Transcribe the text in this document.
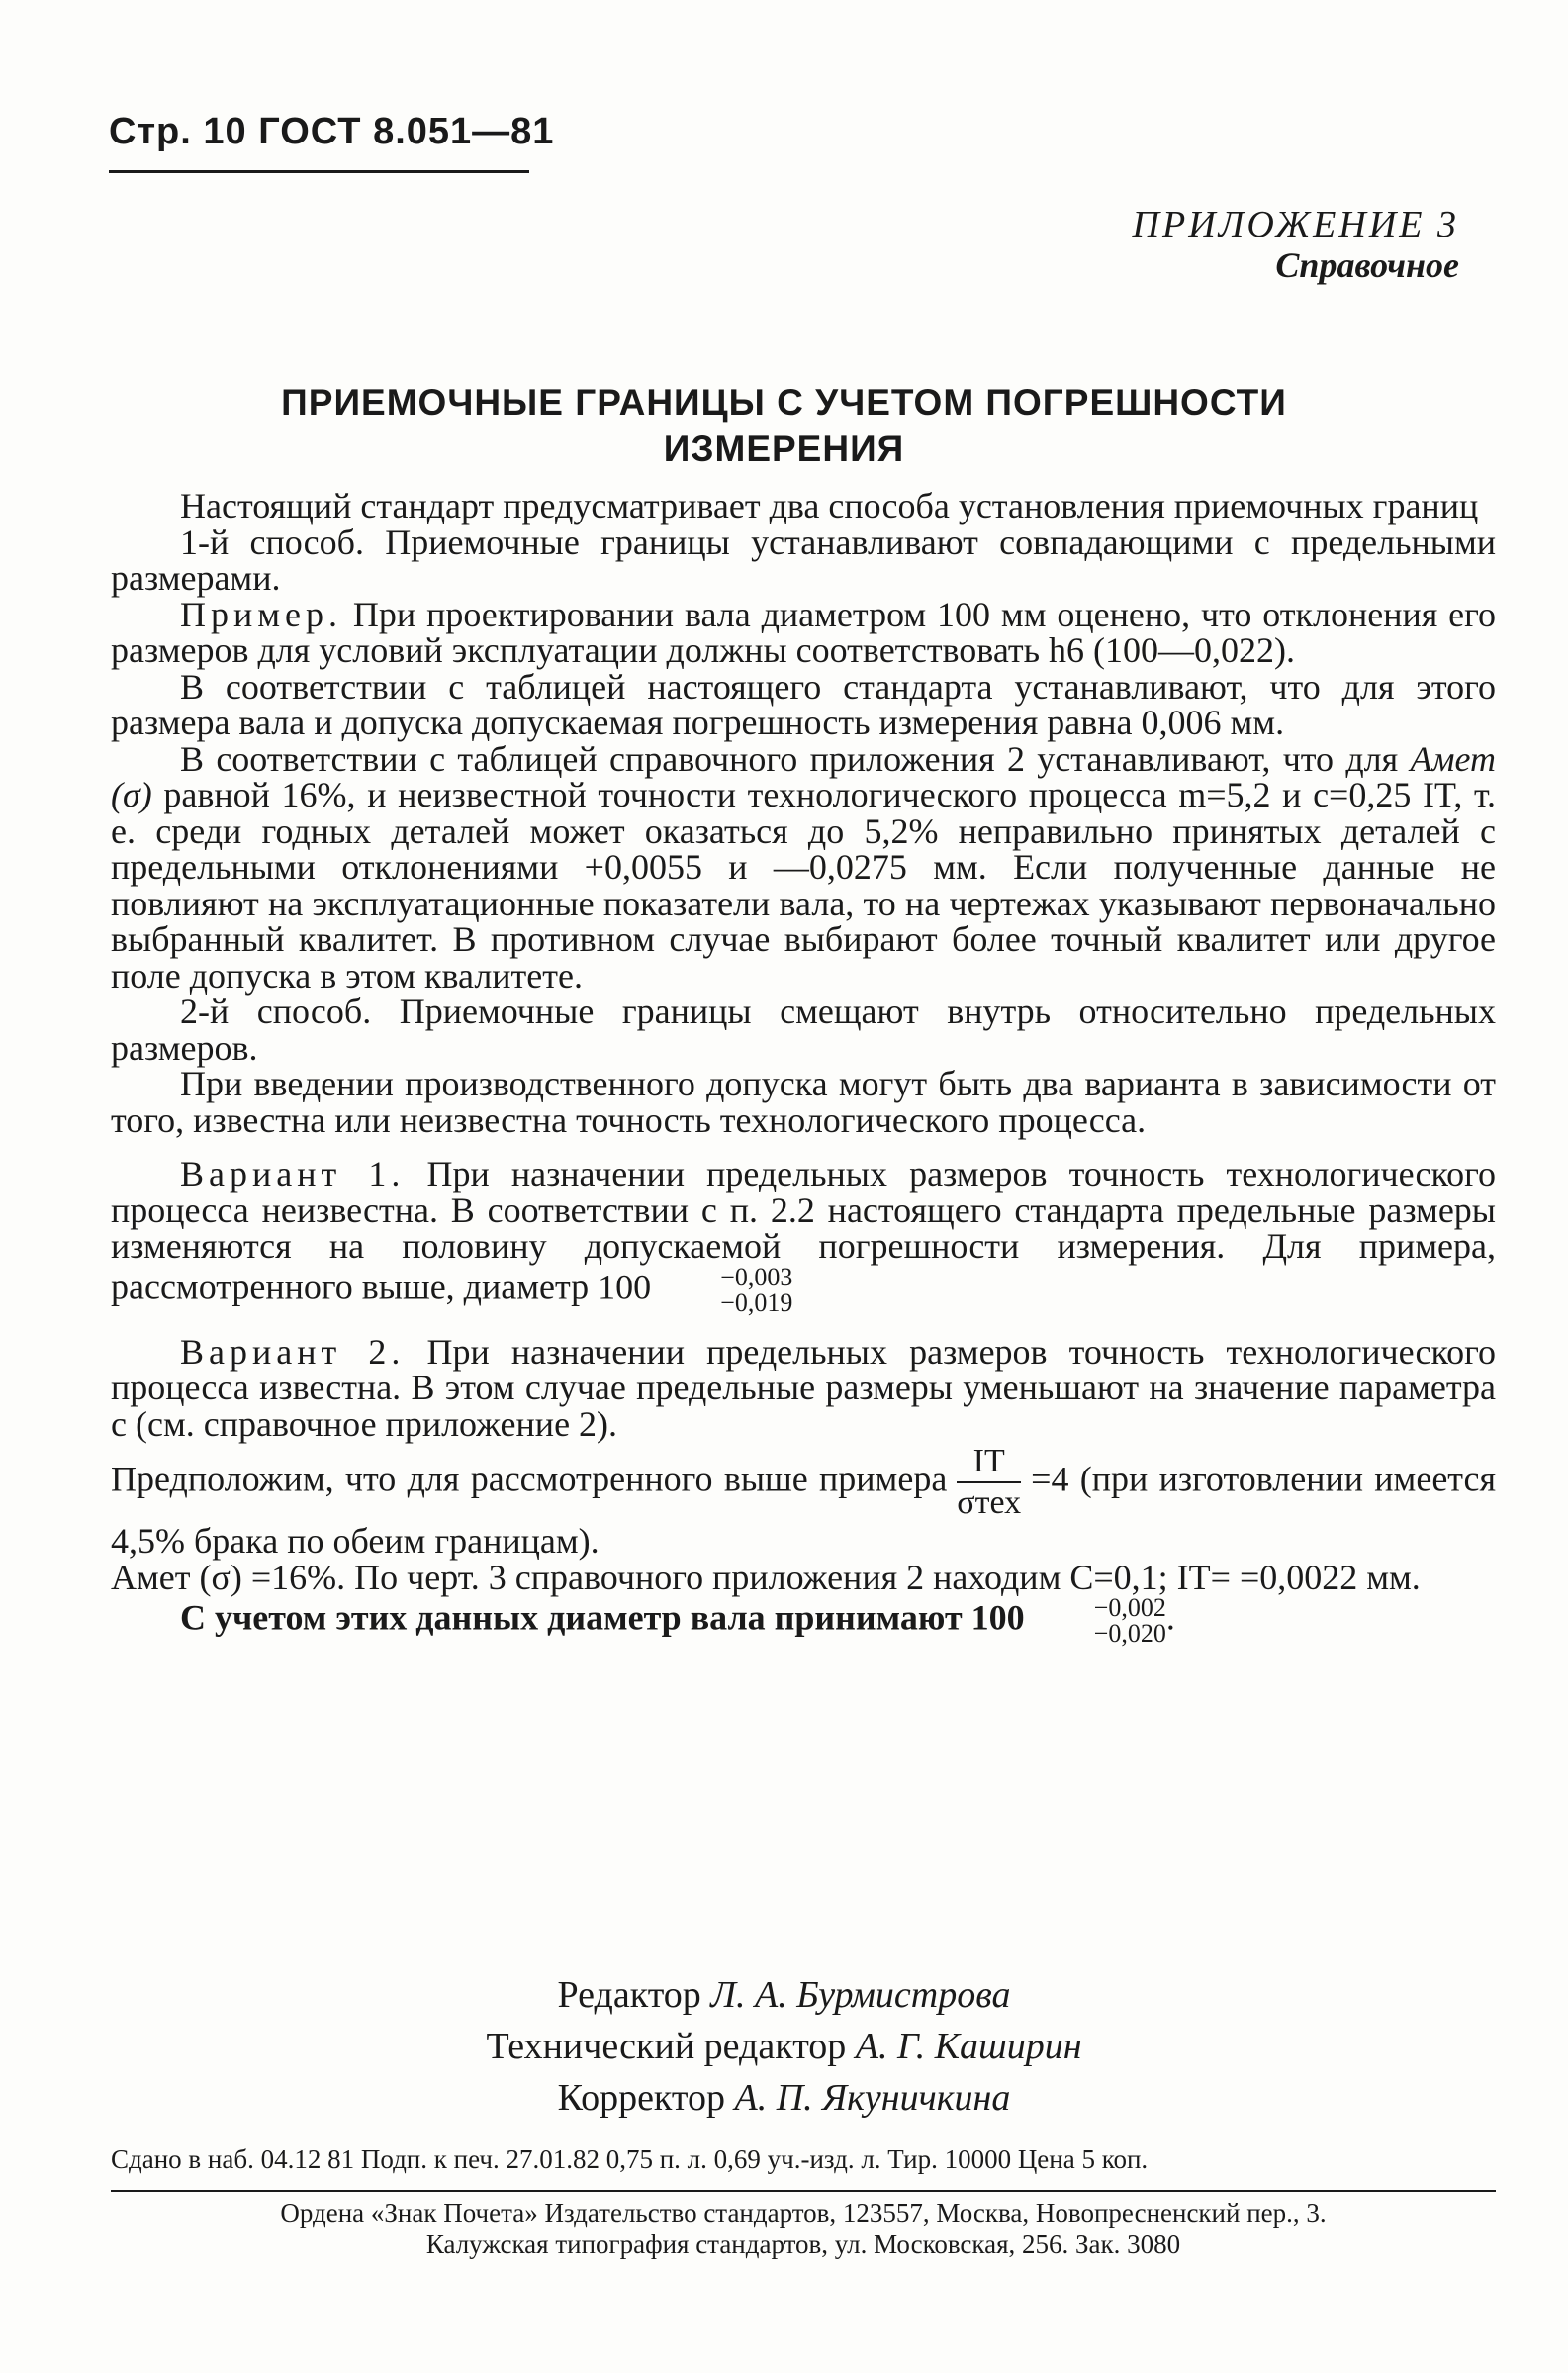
Стр. 10 ГОСТ 8.051—81
ПРИЛОЖЕНИЕ 3
Справочное
ПРИЕМОЧНЫЕ ГРАНИЦЫ С УЧЕТОМ ПОГРЕШНОСТИ
ИЗМЕРЕНИЯ

Настоящий стандарт предусматривает два способа установления приемочных границ

1-й способ. Приемочные границы устанавливают совпадающими с предельными размерами.

Пример. При проектировании вала диаметром 100 мм оценено, что отклонения его размеров для условий эксплуатации должны соответствовать h6 (100—0,022).

В соответствии с таблицей настоящего стандарта устанавливают, что для этого размера вала и допуска допускаемая погрешность измерения равна 0,006 мм.

В соответствии с таблицей справочного приложения 2 устанавливают, что для Aмет (σ) равной 16%, и неизвестной точности технологического процесса m=5,2 и c=0,25 IT, т. е. среди годных деталей может оказаться до 5,2% неправильно принятых деталей с предельными отклонениями +0,0055 и —0,0275 мм. Если полученные данные не повлияют на эксплуатационные показатели вала, то на чертежах указывают первоначально выбранный квалитет. В противном случае выбирают более точный квалитет или другое поле допуска в этом квалитете.

2-й способ. Приемочные границы смещают внутрь относительно предельных размеров.

При введении производственного допуска могут быть два варианта в зависимости от того, известна или неизвестна точность технологического процесса.

Вариант 1. При назначении предельных размеров точность технологического процесса неизвестна. В соответствии с п. 2.2 настоящего стандарта предельные размеры изменяются на половину допускаемой погрешности измерения. Для примера, рассмотренного выше, диаметр 100	−0,003
−0,019

Вариант 2. При назначении предельных размеров точность технологического процесса известна. В этом случае предельные размеры уменьшают на значение параметра c (см. справочное приложение 2).

Предположим, что для рассмотренного выше примера $\frac{IT}{\text{σтех}} =4$ (при изготовлении имеется 4,5% брака по обеим границам).

Aмет (σ) =16%. По черт. 3 справочного приложения 2 находим C=0,1; IT= =0,0022 мм.

С учетом этих данных диаметр вала принимают 100	−0,002
−0,020 .

Редактор Л. А. Бурмистрова
Технический редактор А. Г. Каширин
Корректор А. П. Якуничкина
Сдано в наб. 04.12 81 Подп. к печ. 27.01.82 0,75 п. л. 0,69 уч.-изд. л. Тир. 10000 Цена 5 коп.
Ордена «Знак Почета» Издательство стандартов, 123557, Москва, Новопресненский пер., 3.
Калужская типография стандартов, ул. Московская, 256. Зак. 3080
